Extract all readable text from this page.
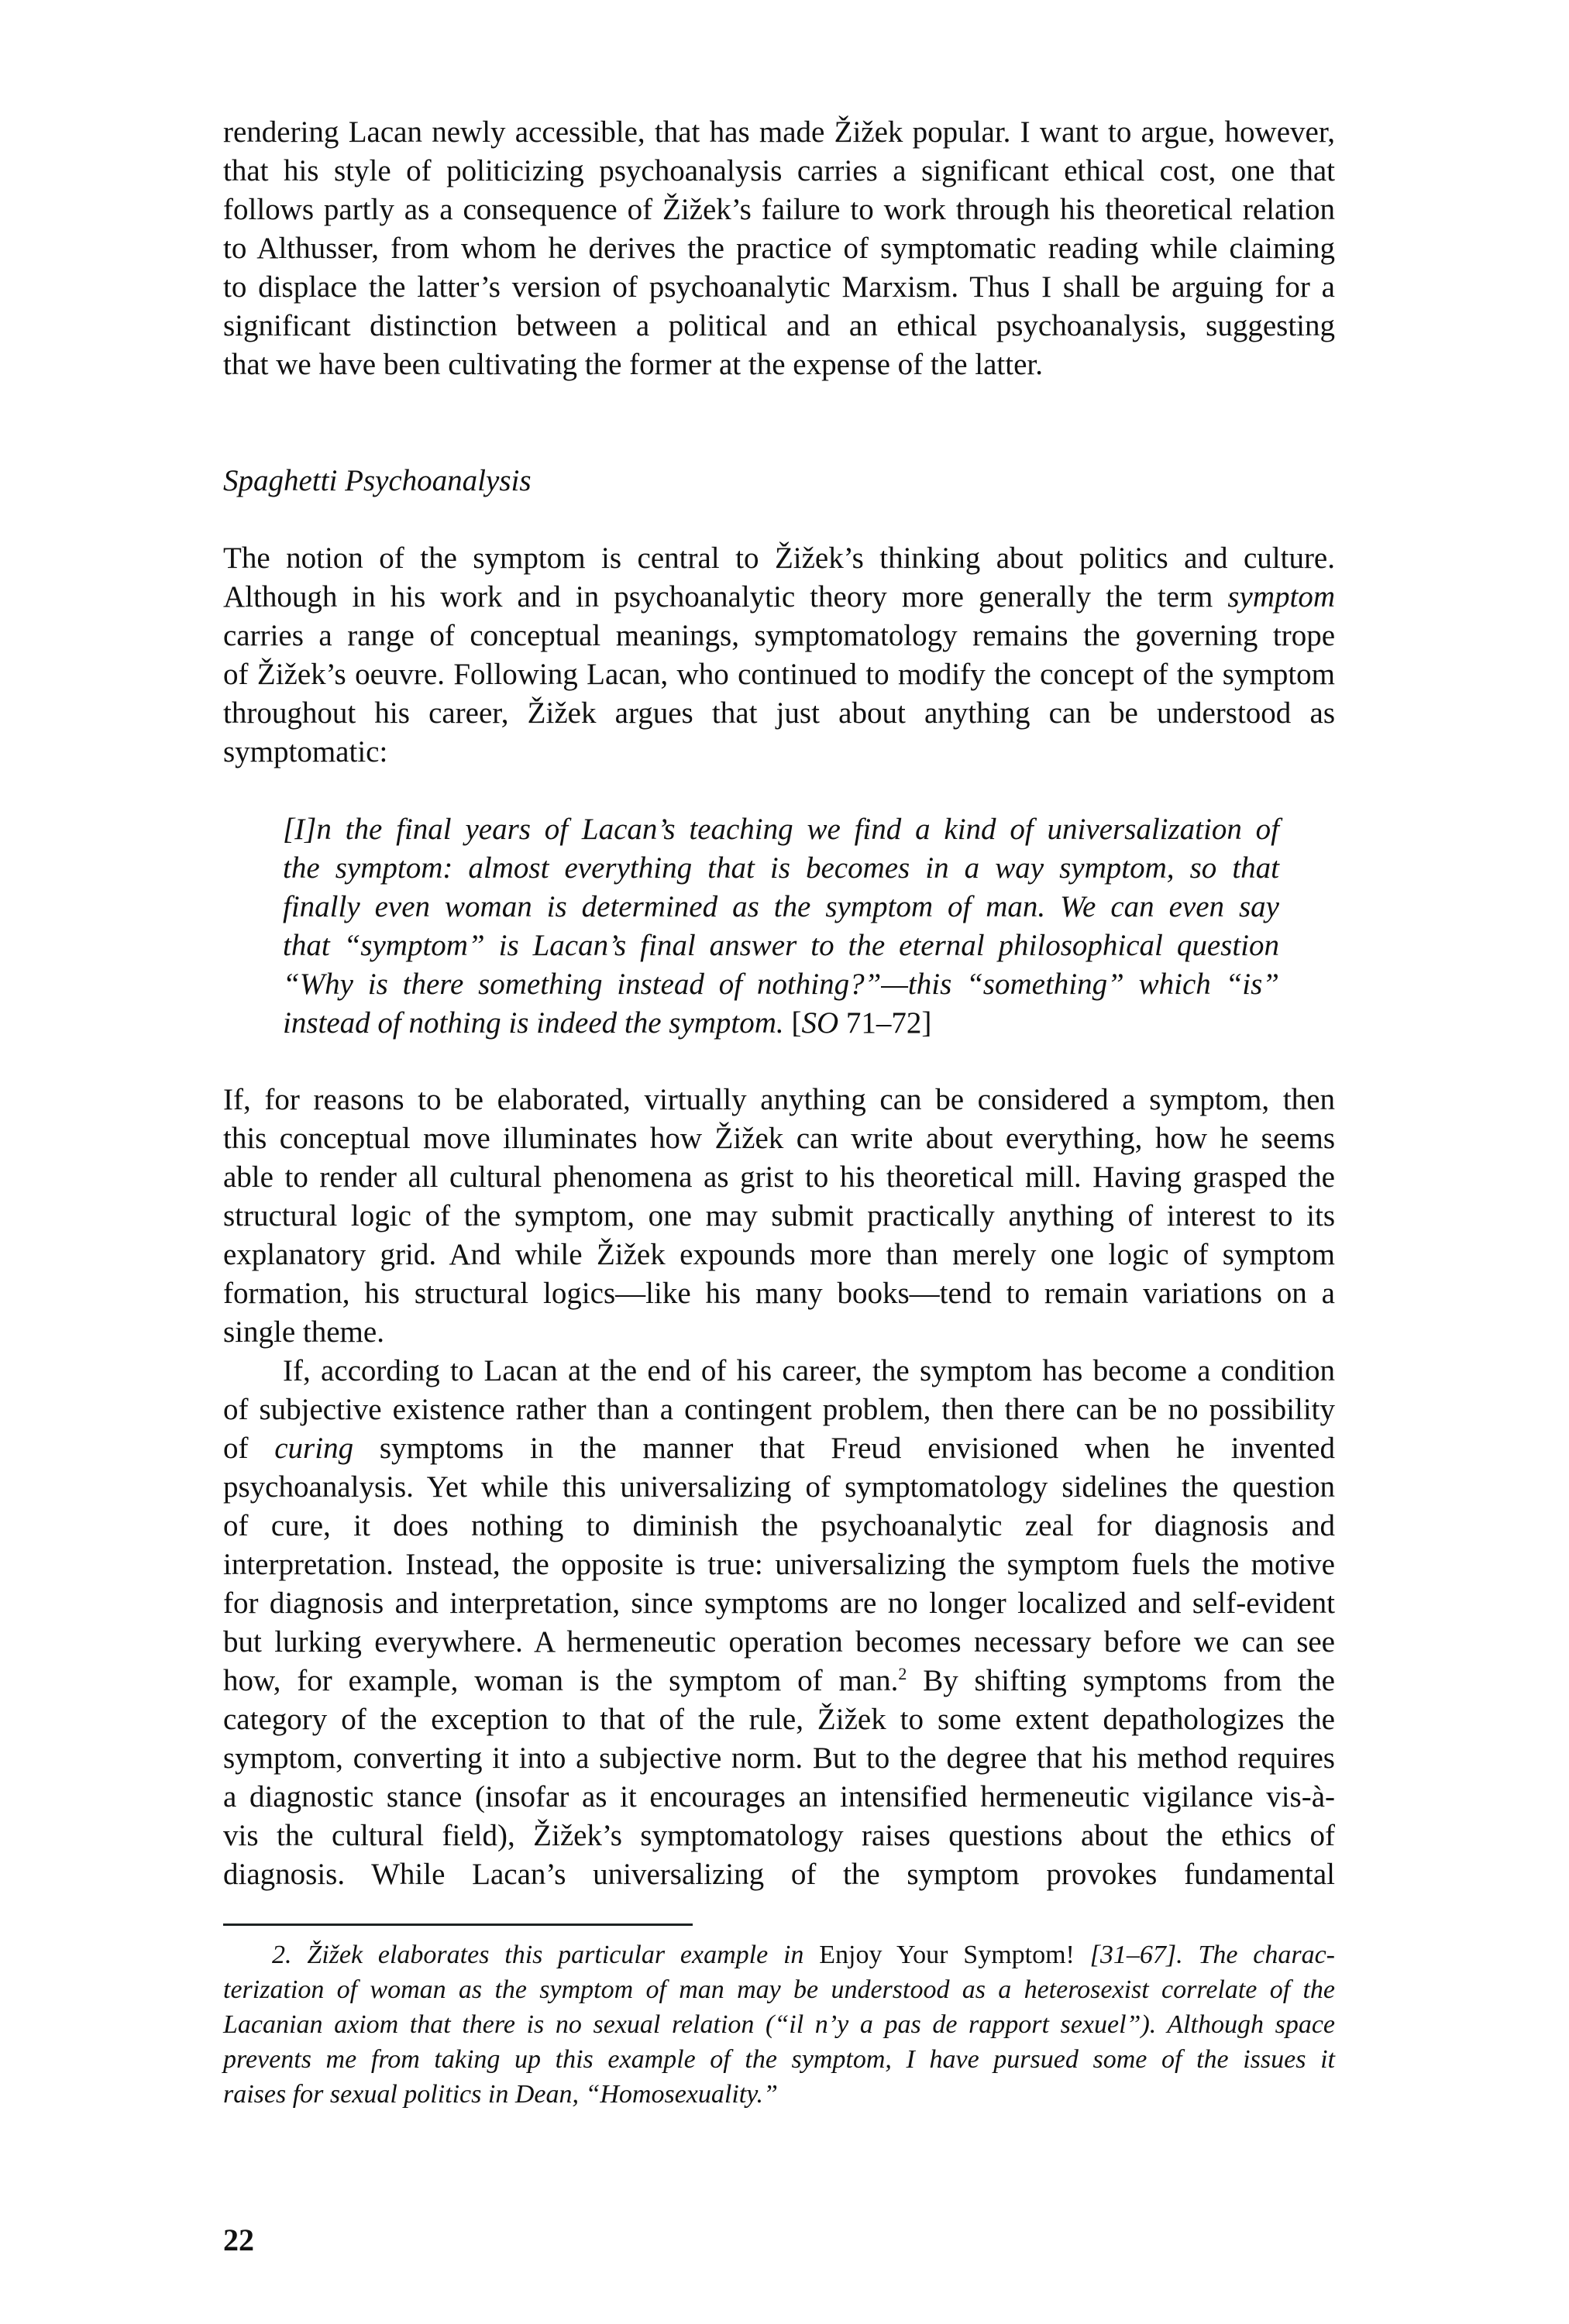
rendering Lacan newly accessible, that has made Žižek popular. I want to argue, however,
that his style of politicizing psychoanalysis carries a significant ethical cost, one that
follows partly as a consequence of Žižek’s failure to work through his theoretical relation
to Althusser, from whom he derives the practice of symptomatic reading while claiming
to displace the latter’s version of psychoanalytic Marxism. Thus I shall be arguing for a
significant distinction between a political and an ethical psychoanalysis, suggesting
that we have been cultivating the former at the expense of the latter.
Spaghetti Psychoanalysis
The notion of the symptom is central to Žižek’s thinking about politics and culture.
Although in his work and in psychoanalytic theory more generally the term symptom
carries a range of conceptual meanings, symptomatology remains the governing trope
of Žižek’s oeuvre. Following Lacan, who continued to modify the concept of the symptom
throughout his career, Žižek argues that just about anything can be understood as
symptomatic:
[I]n the final years of Lacan’s teaching we find a kind of universalization of
the symptom: almost everything that is becomes in a way symptom, so that
finally even woman is determined as the symptom of man. We can even say
that “symptom” is Lacan’s final answer to the eternal philosophical question
“Why is there something instead of nothing?”—this “something” which “is”
instead of nothing is indeed the symptom. [SO 71–72]
If, for reasons to be elaborated, virtually anything can be considered a symptom, then
this conceptual move illuminates how Žižek can write about everything, how he seems
able to render all cultural phenomena as grist to his theoretical mill. Having grasped the
structural logic of the symptom, one may submit practically anything of interest to its
explanatory grid. And while Žižek expounds more than merely one logic of symptom
formation, his structural logics—like his many books—tend to remain variations on a
single theme.
If, according to Lacan at the end of his career, the symptom has become a condition
of subjective existence rather than a contingent problem, then there can be no possibility
of curing symptoms in the manner that Freud envisioned when he invented
psychoanalysis. Yet while this universalizing of symptomatology sidelines the question
of cure, it does nothing to diminish the psychoanalytic zeal for diagnosis and
interpretation. Instead, the opposite is true: universalizing the symptom fuels the motive
for diagnosis and interpretation, since symptoms are no longer localized and self-evident
but lurking everywhere. A hermeneutic operation becomes necessary before we can see
how, for example, woman is the symptom of man.$^2$ By shifting symptoms from the
category of the exception to that of the rule, Žižek to some extent depathologizes the
symptom, converting it into a subjective norm. But to the degree that his method requires
a diagnostic stance (insofar as it encourages an intensified hermeneutic vigilance vis-à-
vis the cultural field), Žižek’s symptomatology raises questions about the ethics of
diagnosis. While Lacan’s universalizing of the symptom provokes fundamental
2. Žižek elaborates this particular example in Enjoy Your Symptom! [31–67]. The charac-
terization of woman as the symptom of man may be understood as a heterosexist correlate of the
Lacanian axiom that there is no sexual relation (“il n’y a pas de rapport sexuel”). Although space
prevents me from taking up this example of the symptom, I have pursued some of the issues it
raises for sexual politics in Dean, “Homosexuality.”
22
